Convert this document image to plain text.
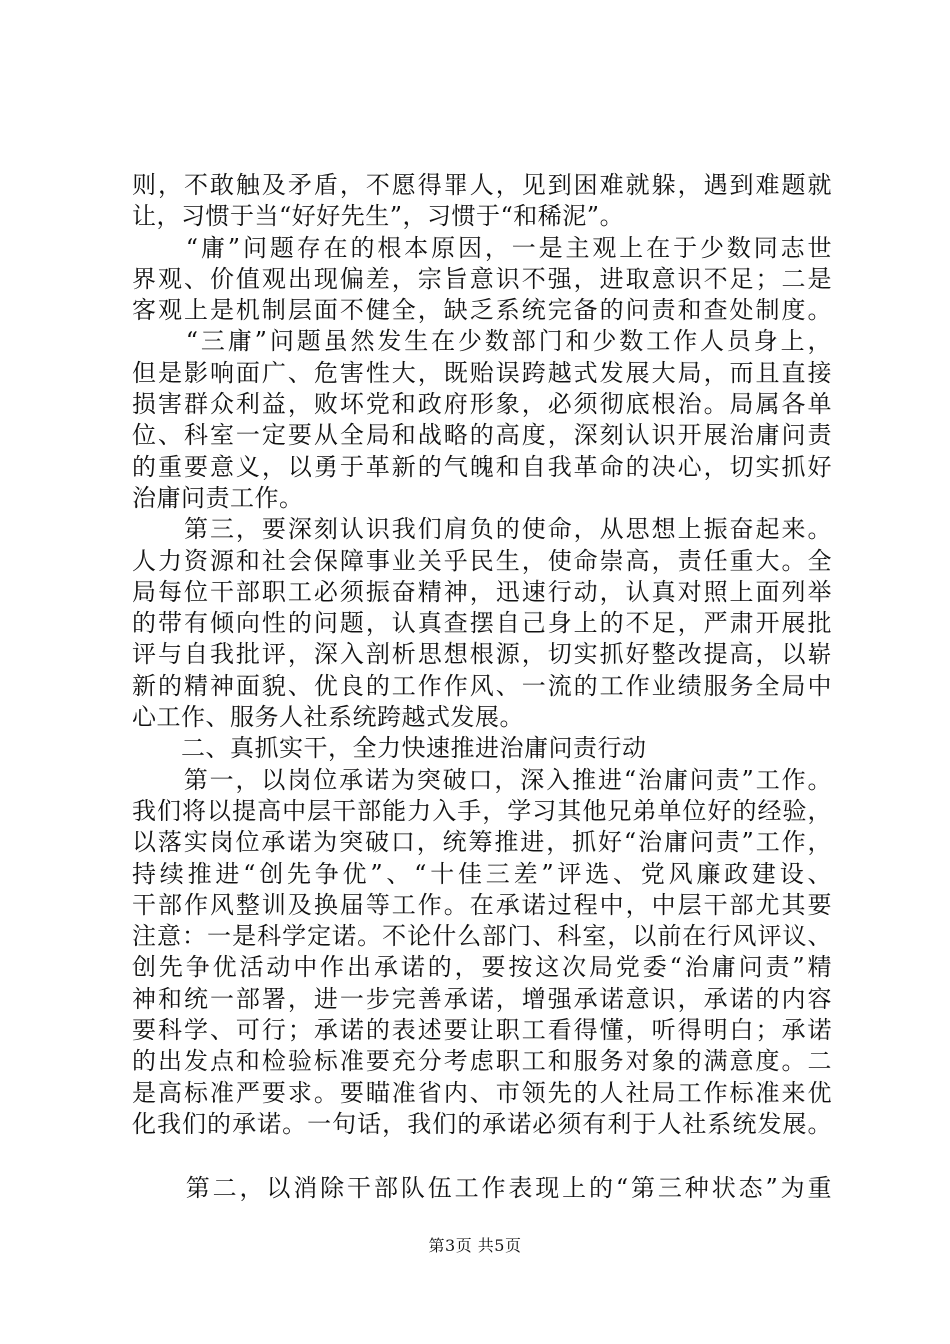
则，不敢触及矛盾，不愿得罪人，见到困难就躲，遇到难题就
让，习惯于当“好好先生”，习惯于“和稀泥”。
　　“庸”问题存在的根本原因，一是主观上在于少数同志世
界观、价值观出现偏差，宗旨意识不强，进取意识不足；二是
客观上是机制层面不健全，缺乏系统完备的问责和查处制度。
　　“三庸”问题虽然发生在少数部门和少数工作人员身上，
但是影响面广、危害性大，既贻误跨越式发展大局，而且直接
损害群众利益，败坏党和政府形象，必须彻底根治。局属各单
位、科室一定要从全局和战略的高度，深刻认识开展治庸问责
的重要意义，以勇于革新的气魄和自我革命的决心，切实抓好
治庸问责工作。
　　第三，要深刻认识我们肩负的使命，从思想上振奋起来。
人力资源和社会保障事业关乎民生，使命崇高，责任重大。全
局每位干部职工必须振奋精神，迅速行动，认真对照上面列举
的带有倾向性的问题，认真查摆自己身上的不足，严肃开展批
评与自我批评，深入剖析思想根源，切实抓好整改提高，以崭
新的精神面貌、优良的工作作风、一流的工作业绩服务全局中
心工作、服务人社系统跨越式发展。
　　二、真抓实干，全力快速推进治庸问责行动
　　第一，以岗位承诺为突破口，深入推进“治庸问责”工作。
我们将以提高中层干部能力入手，学习其他兄弟单位好的经验，
以落实岗位承诺为突破口，统筹推进，抓好“治庸问责”工作，
持续推进“创先争优”、“十佳三差”评选、党风廉政建设、
干部作风整训及换届等工作。在承诺过程中，中层干部尤其要
注意：一是科学定诺。不论什么部门、科室，以前在行风评议、
创先争优活动中作出承诺的，要按这次局党委“治庸问责”精
神和统一部署，进一步完善承诺，增强承诺意识，承诺的内容
要科学、可行；承诺的表述要让职工看得懂，听得明白；承诺
的出发点和检验标准要充分考虑职工和服务对象的满意度。二
是高标准严要求。要瞄准省内、市领先的人社局工作标准来优
化我们的承诺。一句话，我们的承诺必须有利于人社系统发展。
　　第二，以消除干部队伍工作表现上的“第三种状态”为重
第3页 共5页
